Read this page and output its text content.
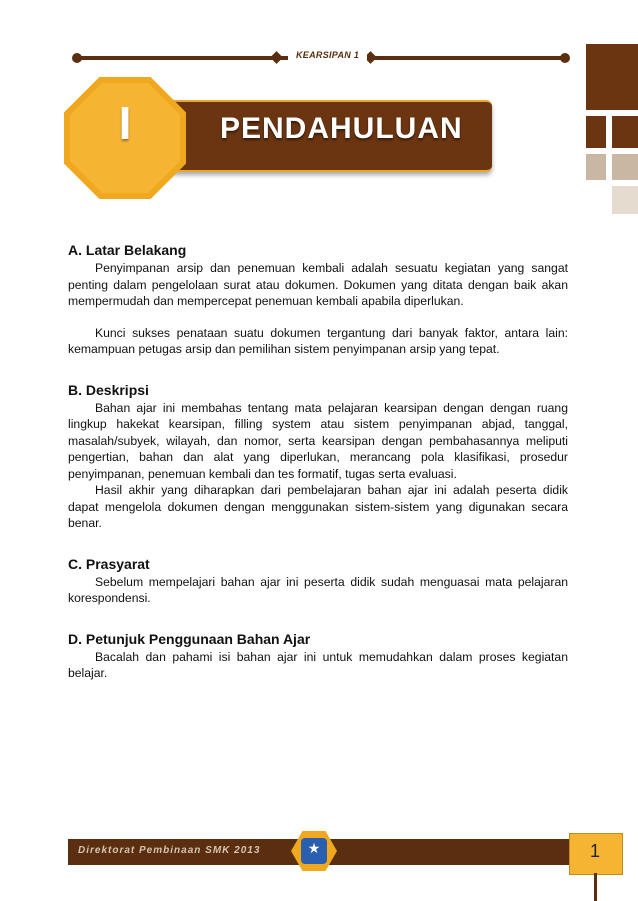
KEARSIPAN 1
PENDAHULUAN
I
A. Latar Belakang

Penyimpanan arsip dan penemuan kembali adalah sesuatu kegiatan yang sangat penting dalam pengelolaan surat atau dokumen. Dokumen yang ditata dengan baik akan mempermudah dan mempercepat penemuan kembali apabila diperlukan.

Kunci sukses penataan suatu dokumen tergantung dari banyak faktor, antara lain: kemampuan petugas arsip dan pemilihan sistem penyimpanan arsip yang tepat.

B. Deskripsi

Bahan ajar ini membahas tentang mata pelajaran kearsipan dengan dengan ruang lingkup hakekat kearsipan, filling system atau sistem penyimpanan abjad, tanggal, masalah/subyek, wilayah, dan nomor, serta kearsipan dengan pembahasannya meliputi pengertian, bahan dan alat yang diperlukan, merancang pola klasifikasi, prosedur penyimpanan, penemuan kembali dan tes formatif, tugas serta evaluasi.

Hasil akhir yang diharapkan dari pembelajaran bahan ajar ini adalah peserta didik dapat mengelola dokumen dengan menggunakan sistem-sistem yang digunakan secara benar.

C. Prasyarat

Sebelum mempelajari bahan ajar ini peserta didik sudah menguasai mata pelajaran korespondensi.

D. Petunjuk Penggunaan Bahan Ajar

Bacalah dan pahami isi bahan ajar ini untuk memudahkan dalam proses kegiatan belajar.

Direktorat Pembinaan SMK 2013	★	1
